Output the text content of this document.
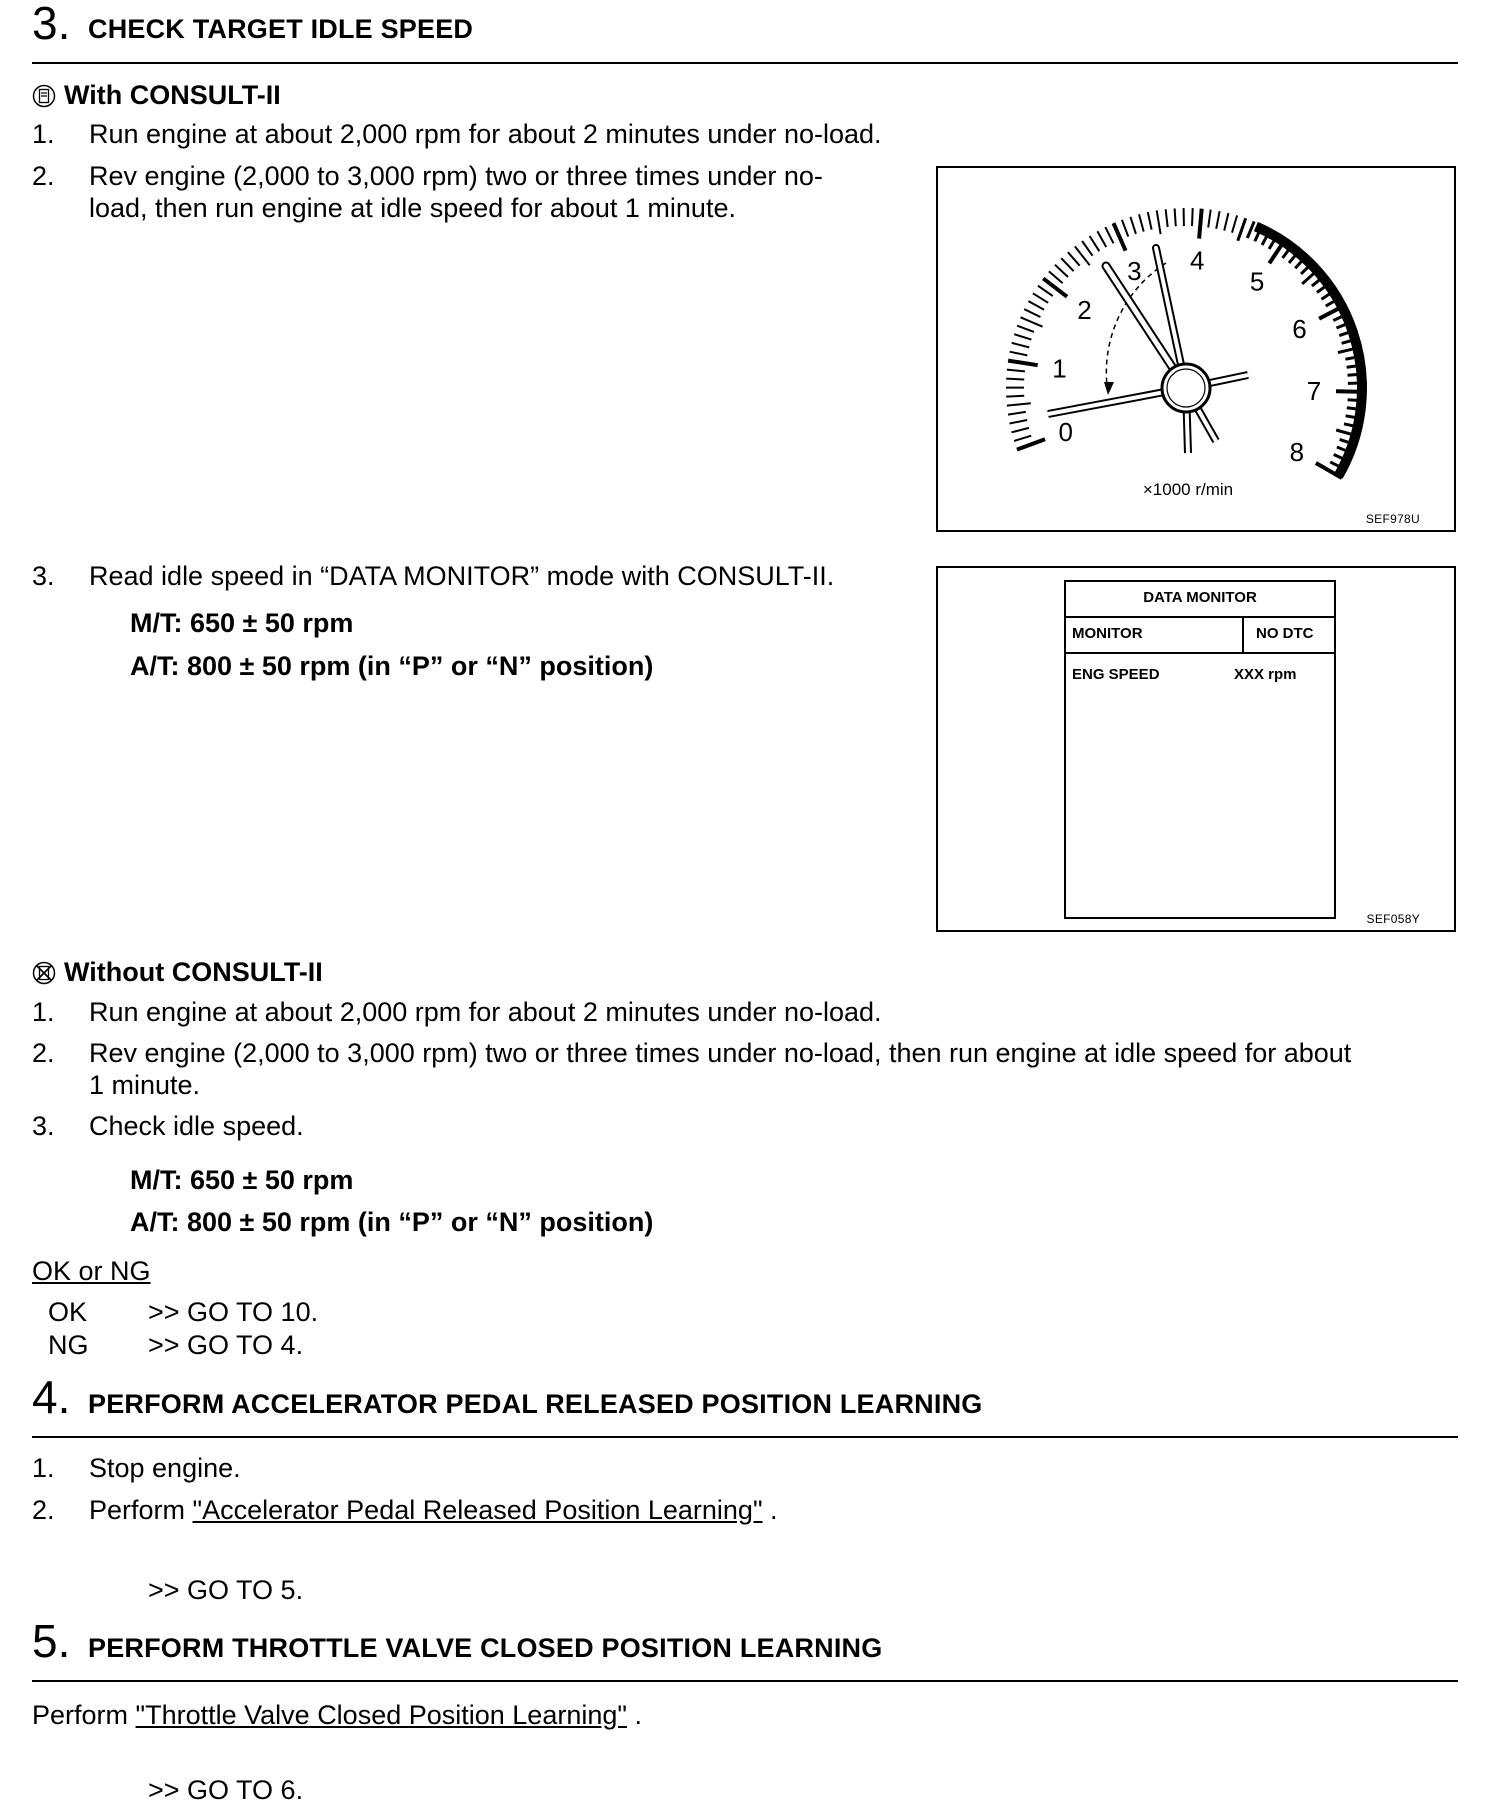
3. CHECK TARGET IDLE SPEED
With CONSULT-II
1. Run engine at about 2,000 rpm for about 2 minutes under no-load.
2. Rev engine (2,000 to 3,000 rpm) two or three times under no-
load, then run engine at idle speed for about 1 minute.
0
1
2
3 4
5
6
7
8
×1000 r/min
SEF978U
3. Read idle speed in “DATA MONITOR” mode with CONSULT-II.
M/T: 650 ± 50 rpm
A/T: 800 ± 50 rpm (in “P” or “N” position)
DATA MONITOR
MONITOR	NO DTC
ENG SPEED	XXX rpm
SEF058Y
Without CONSULT-II
1. Run engine at about 2,000 rpm for about 2 minutes under no-load.
2. Rev engine (2,000 to 3,000 rpm) two or three times under no-load, then run engine at idle speed for about
1 minute.
3. Check idle speed.
M/T: 650 ± 50 rpm
A/T: 800 ± 50 rpm (in “P” or “N” position)
OK or NG
OK >> GO TO 10.
NG >> GO TO 4.
4. PERFORM ACCELERATOR PEDAL RELEASED POSITION LEARNING
1. Stop engine.
2. Perform "Accelerator Pedal Released Position Learning" .
>> GO TO 5.
5. PERFORM THROTTLE VALVE CLOSED POSITION LEARNING
Perform "Throttle Valve Closed Position Learning" .
>> GO TO 6.
